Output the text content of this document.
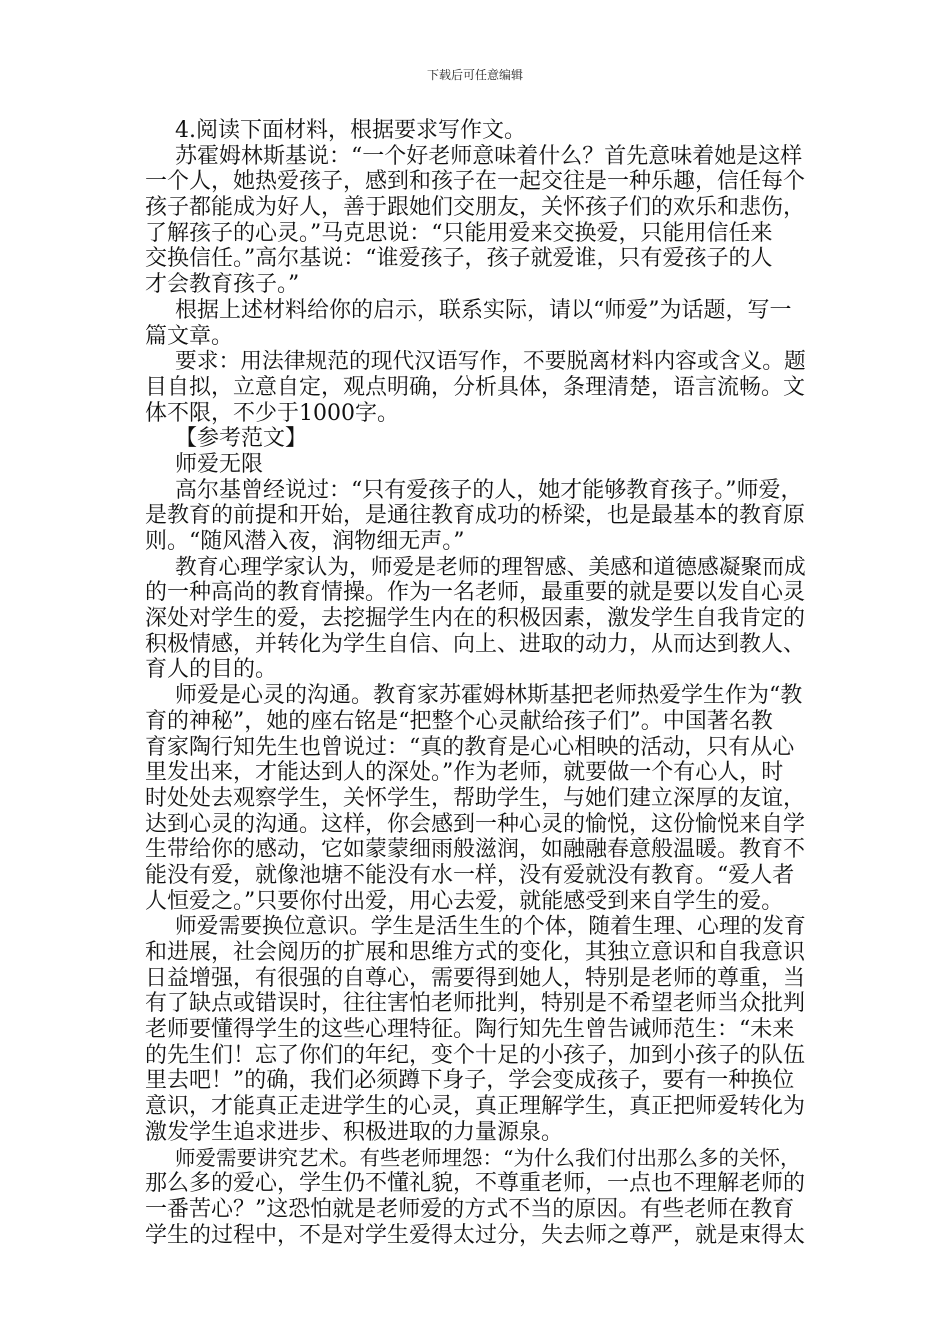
下载后可任意编辑
4.阅读下面材料，根据要求写作文。
苏霍姆林斯基说：“一个好老师意味着什么？首先意味着她是这样
一个人，她热爱孩子，感到和孩子在一起交往是一种乐趣，信任每个
孩子都能成为好人，善于跟她们交朋友，关怀孩子们的欢乐和悲伤，
了解孩子的心灵。”马克思说：“只能用爱来交换爱，只能用信任来
交换信任。”高尔基说：“谁爱孩子，孩子就爱谁，只有爱孩子的人
才会教育孩子。”
根据上述材料给你的启示，联系实际，请以“师爱”为话题，写一
篇文章。
要求：用法律规范的现代汉语写作，不要脱离材料内容或含义。题
目自拟，立意自定，观点明确，分析具体，条理清楚，语言流畅。文
体不限，不少于1000字。
【参考范文】
师爱无限
高尔基曾经说过：“只有爱孩子的人，她才能够教育孩子。”师爱，
是教育的前提和开始，是通往教育成功的桥梁，也是最基本的教育原
则。“随风潜入夜，润物细无声。”
教育心理学家认为，师爱是老师的理智感、美感和道德感凝聚而成
的一种高尚的教育情操。作为一名老师，最重要的就是要以发自心灵
深处对学生的爱，去挖掘学生内在的积极因素，激发学生自我肯定的
积极情感，并转化为学生自信、向上、进取的动力，从而达到教人、
育人的目的。
师爱是心灵的沟通。教育家苏霍姆林斯基把老师热爱学生作为“教
育的神秘”，她的座右铭是“把整个心灵献给孩子们”。中国著名教
育家陶行知先生也曾说过：“真的教育是心心相映的活动，只有从心
里发出来，才能达到人的深处。”作为老师，就要做一个有心人，时
时处处去观察学生，关怀学生，帮助学生，与她们建立深厚的友谊，
达到心灵的沟通。这样，你会感到一种心灵的愉悦，这份愉悦来自学
生带给你的感动，它如蒙蒙细雨般滋润，如融融春意般温暖。教育不
能没有爱，就像池塘不能没有水一样，没有爱就没有教育。“爱人者
人恒爱之。”只要你付出爱，用心去爱，就能感受到来自学生的爱。
师爱需要换位意识。学生是活生生的个体，随着生理、心理的发育
和进展，社会阅历的扩展和思维方式的变化，其独立意识和自我意识
日益增强，有很强的自尊心，需要得到她人，特别是老师的尊重，当
有了缺点或错误时，往往害怕老师批判，特别是不希望老师当众批判
老师要懂得学生的这些心理特征。陶行知先生曾告诫师范生：“未来
的先生们！忘了你们的年纪，变个十足的小孩子，加到小孩子的队伍
里去吧！”的确，我们必须蹲下身子，学会变成孩子，要有一种换位
意识，才能真正走进学生的心灵，真正理解学生，真正把师爱转化为
激发学生追求进步、积极进取的力量源泉。
师爱需要讲究艺术。有些老师埋怨：“为什么我们付出那么多的关怀，
那么多的爱心，学生仍不懂礼貌，不尊重老师，一点也不理解老师的
一番苦心？”这恐怕就是老师爱的方式不当的原因。有些老师在教育
学生的过程中，不是对学生爱得太过分，失去师之尊严，就是束得太
